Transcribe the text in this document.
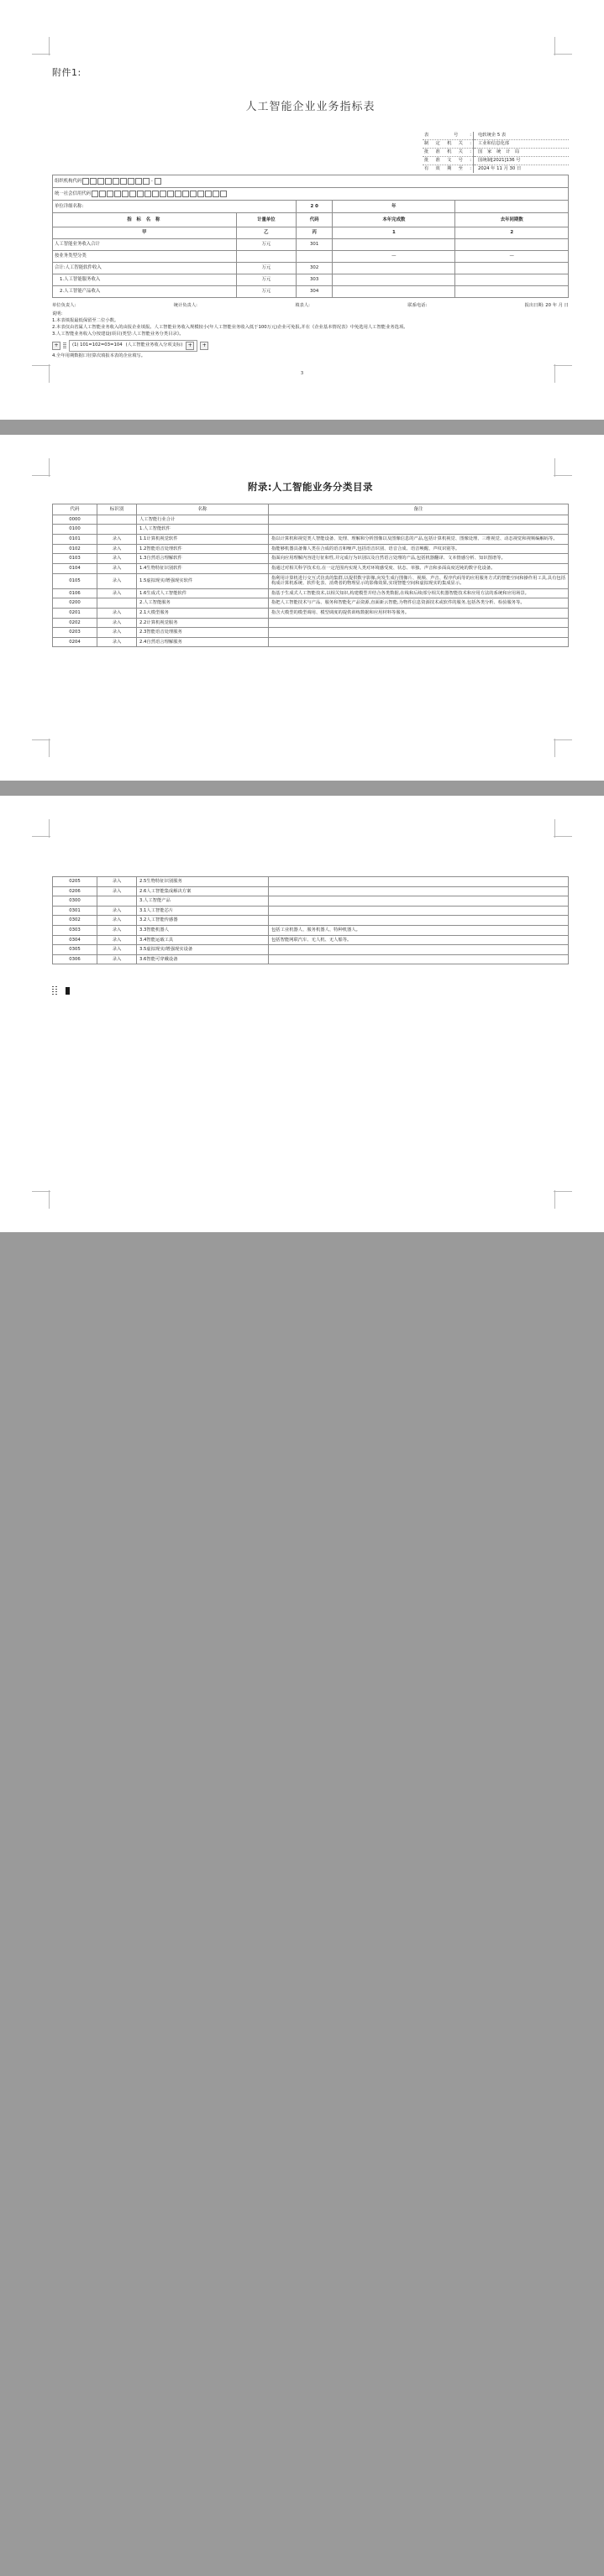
附件1:
人工智能企业业务指标表
表 号:		电软统企 5 表
制定机关:		工业和信息化部
批准机关:		国 家 统 计 局
批准文号:		国统制[2021]136 号
有效期至:		2024 年 11 月 30 日
组织机构代码 -				

统一社会信用代码				

单位详细名称:		2 0	年	
指 标 名 称	计量单位	代码	本年完成数	去年同期数
甲	乙	丙	1	2
人工智能业务收入合计	万元	301		
按业务类型分类			—	—
合计:人工智能软件收入	万元	302		
1.人工智能服务收入	万元	303		
2.人工智能产品收入	万元	304		
单位负责人:	统计负责人:	填表人:	联系电话:	报出日期: 20 年 月 日
说明:
1.本表填报最低保留至二位小数。
2.本表仅由省属人工智能业务收入的由报企业填报。人工智能业务收入规模较小(年人工智能业务收入低于100万元)企业可免报,并在《企业基本情况表》中免选用人工智能业务选项。
3.人工智能业务收入分按建设(项目)类型:人工智能业务分类目录》。
+	(1) 101=102=03=104 (人工智能业务收入分项支标)	+	+
4.全年用期数据口径算次填报本表的企业填写。
3
附录:人工智能业务分类目录
代码	标识别	名称	备注
0000		人工智能行业合计	
0100		1.人工智能软件	
0101	录入	1.1计算机视觉软件	指以计算机和视觉类人智能设备、处理、理解和分析图像以及图像信息的产品,包括计算机视觉、图像处理、三维视觉、动态视觉和视频编解码等。
0102	录入	1.2智能语音处理软件	指能够机器具备像人类在合成的语音和噪声,包括语音识别、语音合成、语音唤醒、声纹识别等。
0103	录入	1.3自然语言理解软件	指面向应用理解内容进行征和性,并完成行为识别以及自然语言处理的产品,包括机器翻译、文本情感分析、知识图谱等。
0104	录入	1.4生物特征识别软件	指通过对相关科学技术有,在一定范围内实现人类对环境感受度、状态、单独、声音和多面高度迟钝的数字化设备。
0105	录入	1.5虚拟现实/增强现实软件	指利用计算机进行交互式仿真的集群,以提供数字影像,向发生成行图像片、视频、声音、程序代码等的应用服务方式的智能空间和操作用工具,具有包括构成计算机系统、软件化表、消费者的物理显示的影像效果,实现智能空间和虚拟现实的集成显示。
0106	录入	1.6生成式人工智能软件	指基于生成式人工智能技术,以相关知识,构建模型并结合各类数据,在线和后续部分相关机器智能技术和应用方法的系统和应用场景。
0200		2.人工智能服务	指把人工智能技术与产品、服务和智能化产品资源,直面新云智能,为物件信息资源技术或软件的服务,包括各类分析、检验服务等。
0201	录入	2.1大模型服务	指含大模型的模型调用、模型调度的提供训练数据和应用材料等服务。
0202	录入	2.2计算机视觉服务	
0203	录入	2.3智能语音处理服务	
0204	录入	2.4自然语言理解服务	
0205	录入	2.5生物特征识别服务	
0206	录入	2.6人工智能集成解决方案	
0300		3.人工智能产品	
0301	录入	3.1人工智能芯片	
0302	录入	3.2人工智能传感器	
0303	录入	3.3智能机器人	包括工业机器人、服务机器人、特种机器人。
0304	录入	3.4智能运载工具	包括智能网联汽车、无人机、无人船等。
0305	录入	3.5虚拟现实/增强现实设备	
0306	录入	3.6智能可穿戴设备	
